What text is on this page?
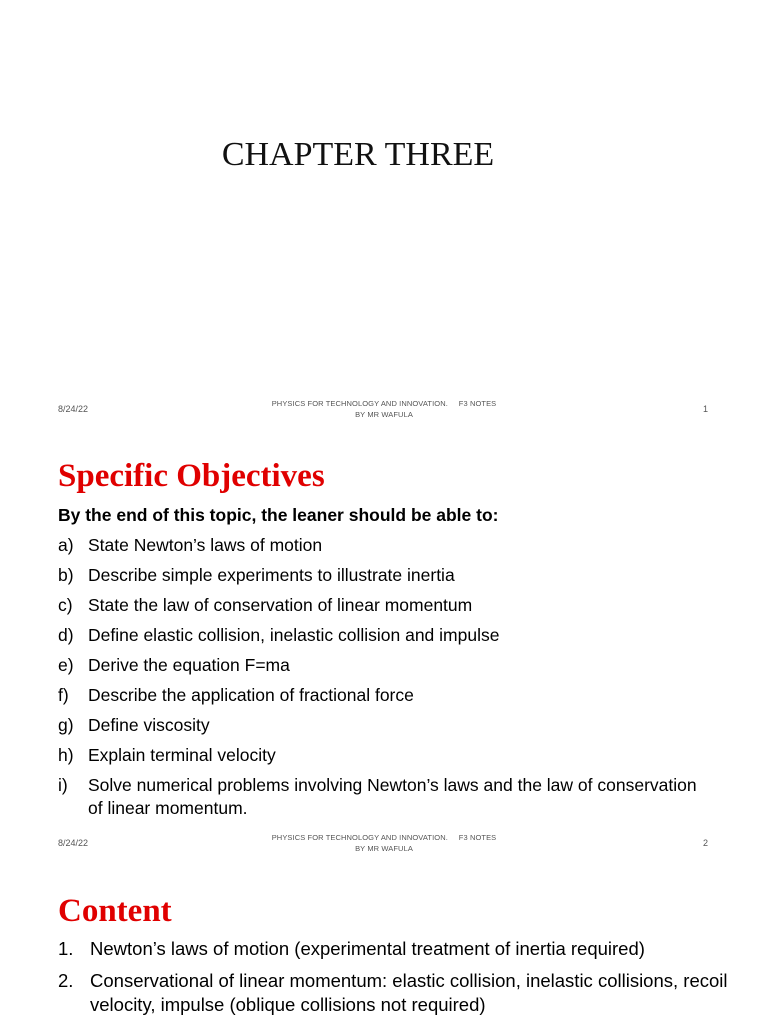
CHAPTER THREE
8/24/22
PHYSICS FOR TECHNOLOGY AND INNOVATION.     F3 NOTES
BY MR WAFULA
1
Specific Objectives
By the end of this topic, the leaner should be able to:
a) State Newton’s laws of motion
b) Describe simple experiments to illustrate inertia
c) State the law of conservation of linear momentum
d) Define elastic collision, inelastic collision and impulse
e) Derive the equation F=ma
f)	Describe the application of fractional force
g) Define viscosity
h) Explain terminal velocity
i)	Solve numerical problems involving Newton’s laws and the law of conservation of linear momentum.
8/24/22
PHYSICS FOR TECHNOLOGY AND INNOVATION.     F3 NOTES
BY MR WAFULA
2
Content
1. Newton’s laws of motion (experimental treatment of inertia required)
2. Conservational of linear momentum: elastic collision, inelastic collisions, recoil velocity, impulse (oblique collisions not required)
